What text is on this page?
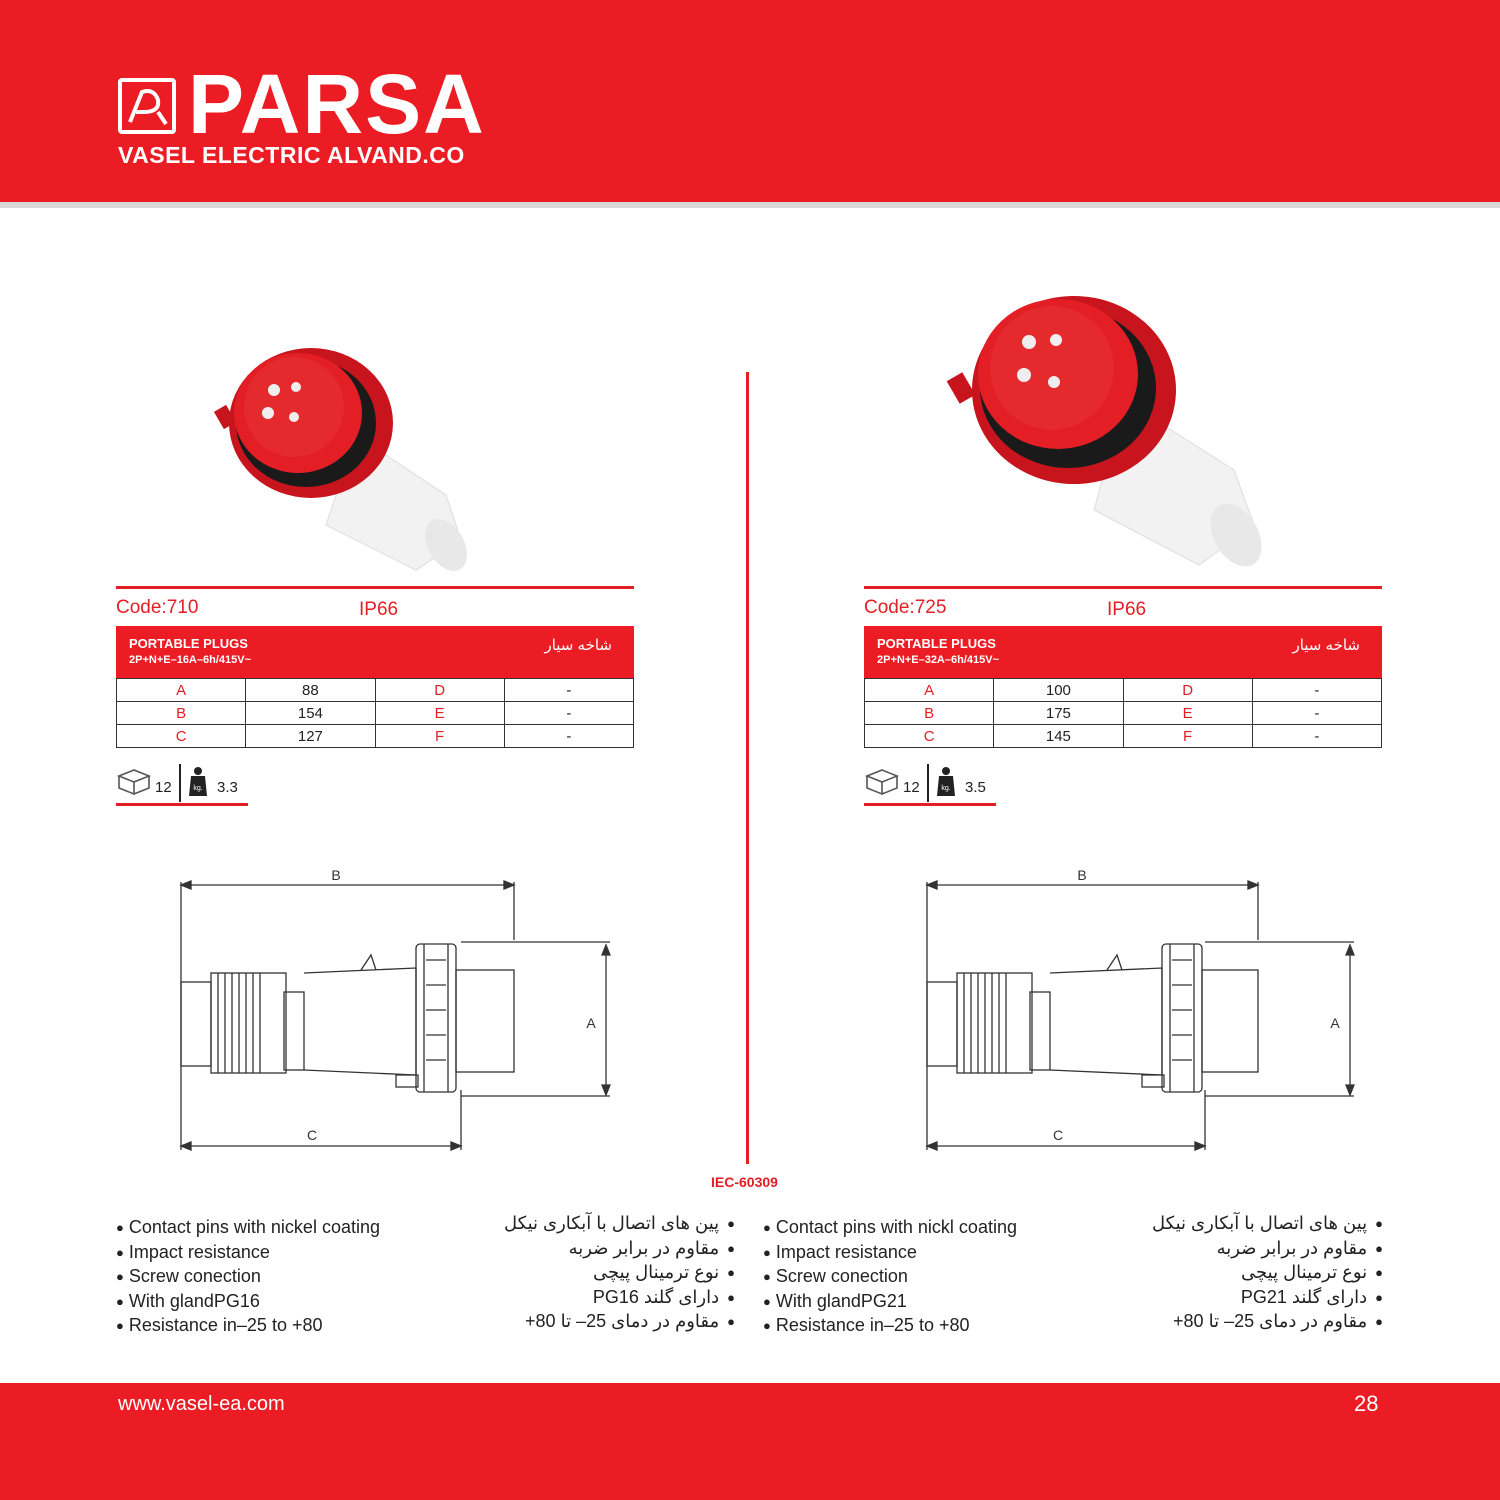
PARSA
VASEL ELECTRIC ALVAND.CO
Code:710	IP66
PORTABLE PLUGS
2P+N+E–16A–6h/415V~
شاخه سیار
A	88	D	-
B	154	E	-
C	127	F	-
12	kg. 3.3
B
C
A
Code:725	IP66
PORTABLE PLUGS
2P+N+E–32A–6h/415V~
شاخه سیار
A	100	D	-
B	175	E	-
C	145	F	-
12	kg. 3.5
B
C
A
IEC-60309
● Contact pins with nickel coating
● Impact resistance
● Screw conection
● With glandPG16
● Resistance in–25 to +80
● پین های اتصال با آبکاری نیکل
● مقاوم در برابر ضربه
● نوع ترمینال پیچی
● دارای گلند PG16
● مقاوم در دمای 25– تا 80+
● Contact pins with nickl coating
● Impact resistance
● Screw conection
● With glandPG21
● Resistance in–25 to +80
● پین های اتصال با آبکاری نیکل
● مقاوم در برابر ضربه
● نوع ترمینال پیچی
● دارای گلند PG21
● مقاوم در دمای 25– تا 80+
www.vasel-ea.com	28
